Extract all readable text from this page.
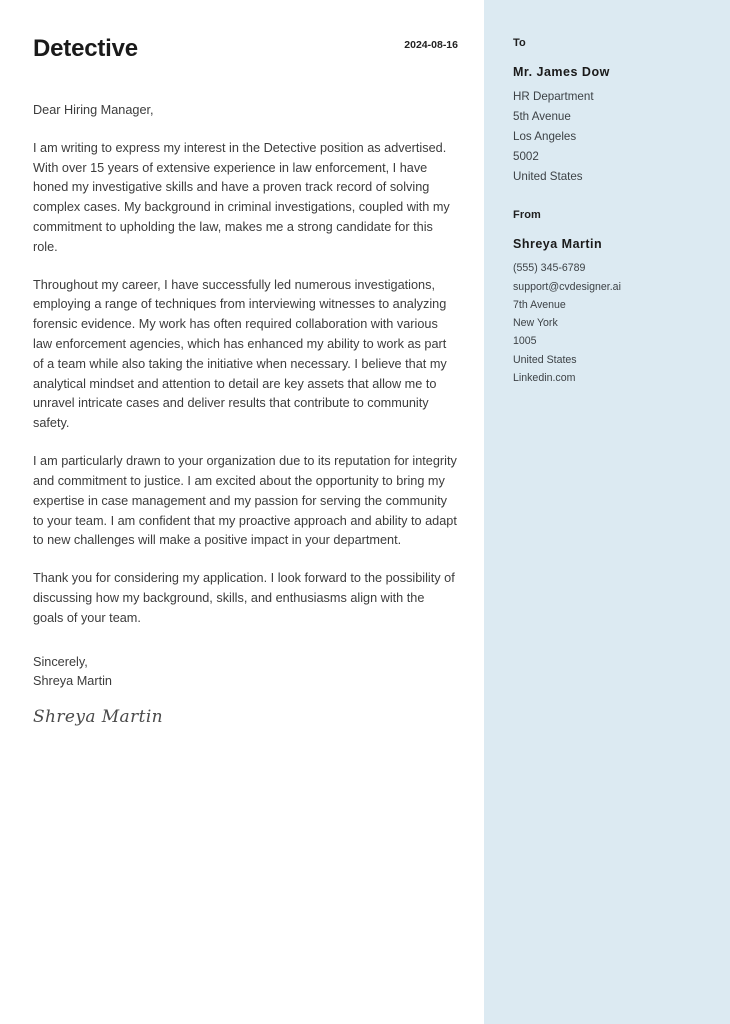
Detective	2024-08-16
Dear Hiring Manager,

I am writing to express my interest in the Detective position as advertised. With over 15 years of extensive experience in law enforcement, I have honed my investigative skills and have a proven track record of solving complex cases. My background in criminal investigations, coupled with my commitment to upholding the law, makes me a strong candidate for this role.

Throughout my career, I have successfully led numerous investigations, employing a range of techniques from interviewing witnesses to analyzing forensic evidence. My work has often required collaboration with various law enforcement agencies, which has enhanced my ability to work as part of a team while also taking the initiative when necessary. I believe that my analytical mindset and attention to detail are key assets that allow me to unravel intricate cases and deliver results that contribute to community safety.

I am particularly drawn to your organization due to its reputation for integrity and commitment to justice. I am excited about the opportunity to bring my expertise in case management and my passion for serving the community to your team. I am confident that my proactive approach and ability to adapt to new challenges will make a positive impact in your department.

Thank you for considering my application. I look forward to the possibility of discussing how my background, skills, and enthusiasms align with the goals of your team.

Sincerely,
Shreya Martin
Shreya Martin
To
Mr. James Dow
HR Department
5th Avenue
Los Angeles
5002
United States
From
Shreya Martin
(555) 345-6789
support@cvdesigner.ai
7th Avenue
New York
1005
United States
Linkedin.com
